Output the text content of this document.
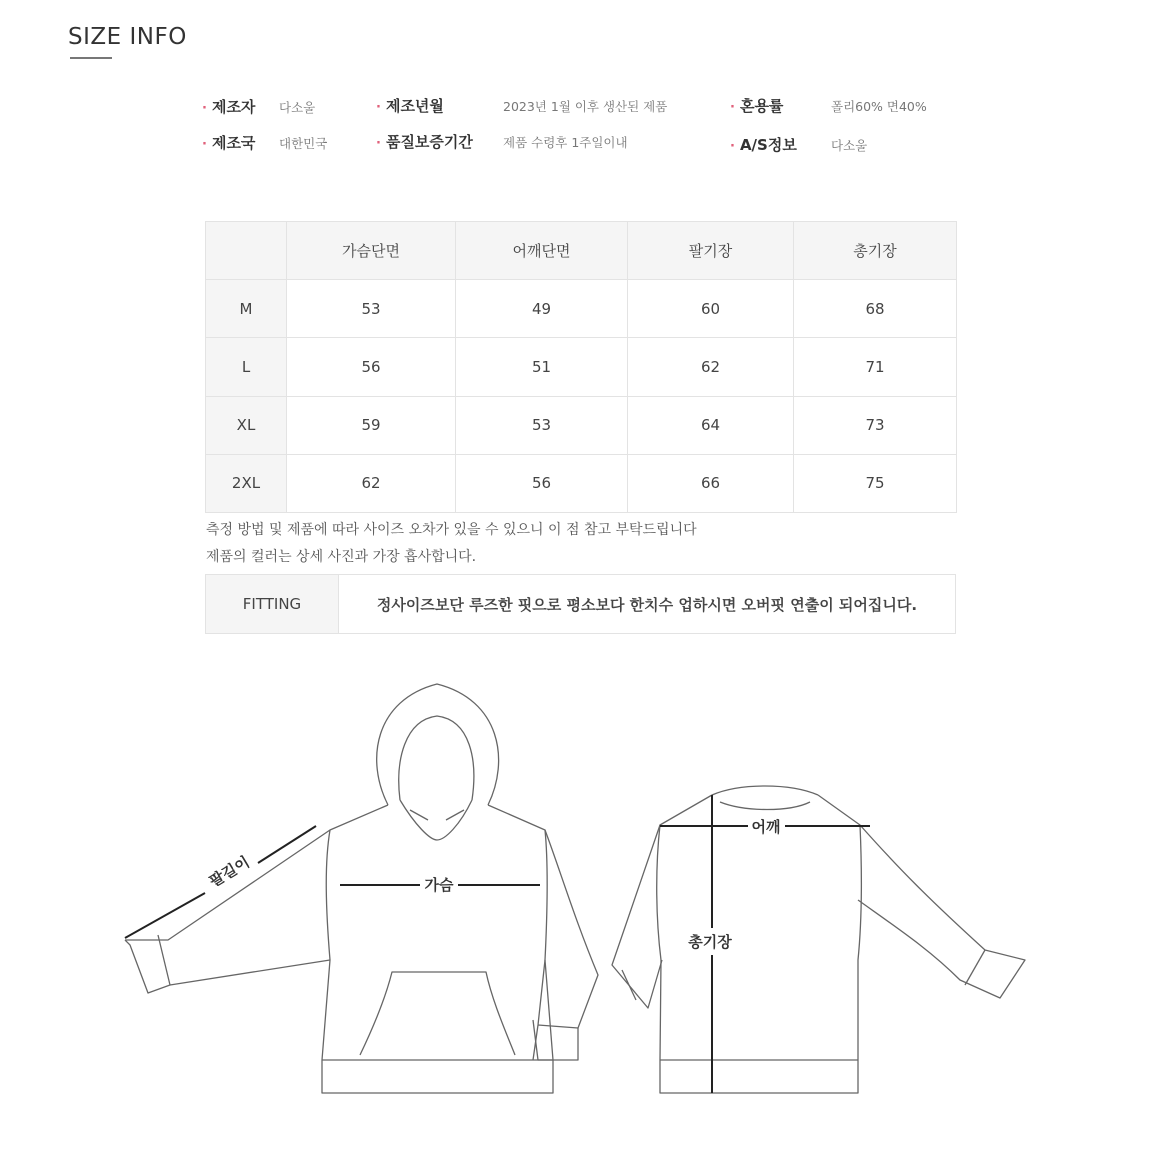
SIZE INFO
· 제조자 다소울
· 제조국 대한민국
· 제조년월	2023년 1월 이후 생산된 제품
· 품질보증기간 제품 수령후 1주일이내
· 혼용률	폴리60% 면40%
· A/S정보	다소울
	가슴단면	어깨단면	팔기장	총기장
M	53	49	60	68
L	56	51	62	71
XL	59	53	64	73
2XL	62	56	66	75
측정 방법 및 제품에 따라 사이즈 오차가 있을 수 있으니 이 점 참고 부탁드립니다
제품의 컬러는 상세 사진과 가장 흡사합니다.
FITTING	정사이즈보단 루즈한 핏으로 평소보다 한치수 업하시면 오버핏 연출이 되어집니다.
팔길이	가슴
어깨
총기장
